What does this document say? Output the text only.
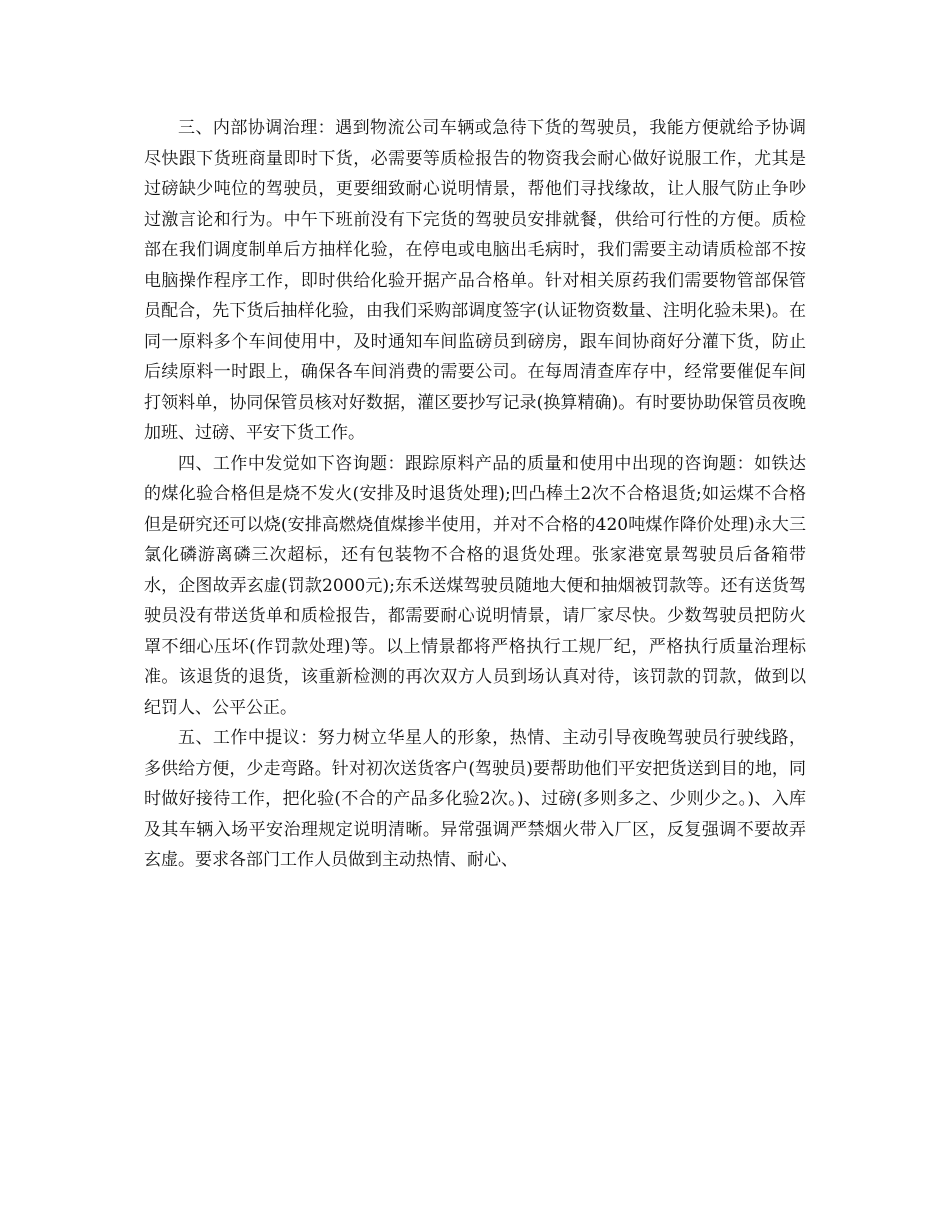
三、内部协调治理：遇到物流公司车辆或急待下货的驾驶员，我能方便就给予协调尽快跟下货班商量即时下货，必需要等质检报告的物资我会耐心做好说服工作，尤其是过磅缺少吨位的驾驶员，更要细致耐心说明情景，帮他们寻找缘故，让人服气防止争吵过激言论和行为。中午下班前没有下完货的驾驶员安排就餐，供给可行性的方便。质检部在我们调度制单后方抽样化验，在停电或电脑出毛病时，我们需要主动请质检部不按电脑操作程序工作，即时供给化验开据产品合格单。针对相关原药我们需要物管部保管员配合，先下货后抽样化验，由我们采购部调度签字(认证物资数量、注明化验未果)。在同一原料多个车间使用中，及时通知车间监磅员到磅房，跟车间协商好分灌下货，防止后续原料一时跟上，确保各车间消费的需要公司。在每周清查库存中，经常要催促车间打领料单，协同保管员核对好数据，灌区要抄写记录(换算精确)。有时要协助保管员夜晚加班、过磅、平安下货工作。

四、工作中发觉如下咨询题：跟踪原料产品的质量和使用中出现的咨询题：如铁达的煤化验合格但是烧不发火(安排及时退货处理);凹凸棒土2次不合格退货;如运煤不合格但是研究还可以烧(安排高燃烧值煤掺半使用，并对不合格的420吨煤作降价处理)永大三氯化磷游离磷三次超标，还有包装物不合格的退货处理。张家港宽景驾驶员后备箱带水，企图故弄玄虚(罚款2000元);东禾送煤驾驶员随地大便和抽烟被罚款等。还有送货驾驶员没有带送货单和质检报告，都需要耐心说明情景，请厂家尽快。少数驾驶员把防火罩不细心压坏(作罚款处理)等。以上情景都将严格执行工规厂纪，严格执行质量治理标准。该退货的退货，该重新检测的再次双方人员到场认真对待，该罚款的罚款，做到以纪罚人、公平公正。

五、工作中提议：努力树立华星人的形象，热情、主动引导夜晚驾驶员行驶线路，多供给方便，少走弯路。针对初次送货客户(驾驶员)要帮助他们平安把货送到目的地，同时做好接待工作，把化验(不合的产品多化验2次。)、过磅(多则多之、少则少之。)、入库及其车辆入场平安治理规定说明清晰。异常强调严禁烟火带入厂区，反复强调不要故弄玄虚。要求各部门工作人员做到主动热情、耐心、
